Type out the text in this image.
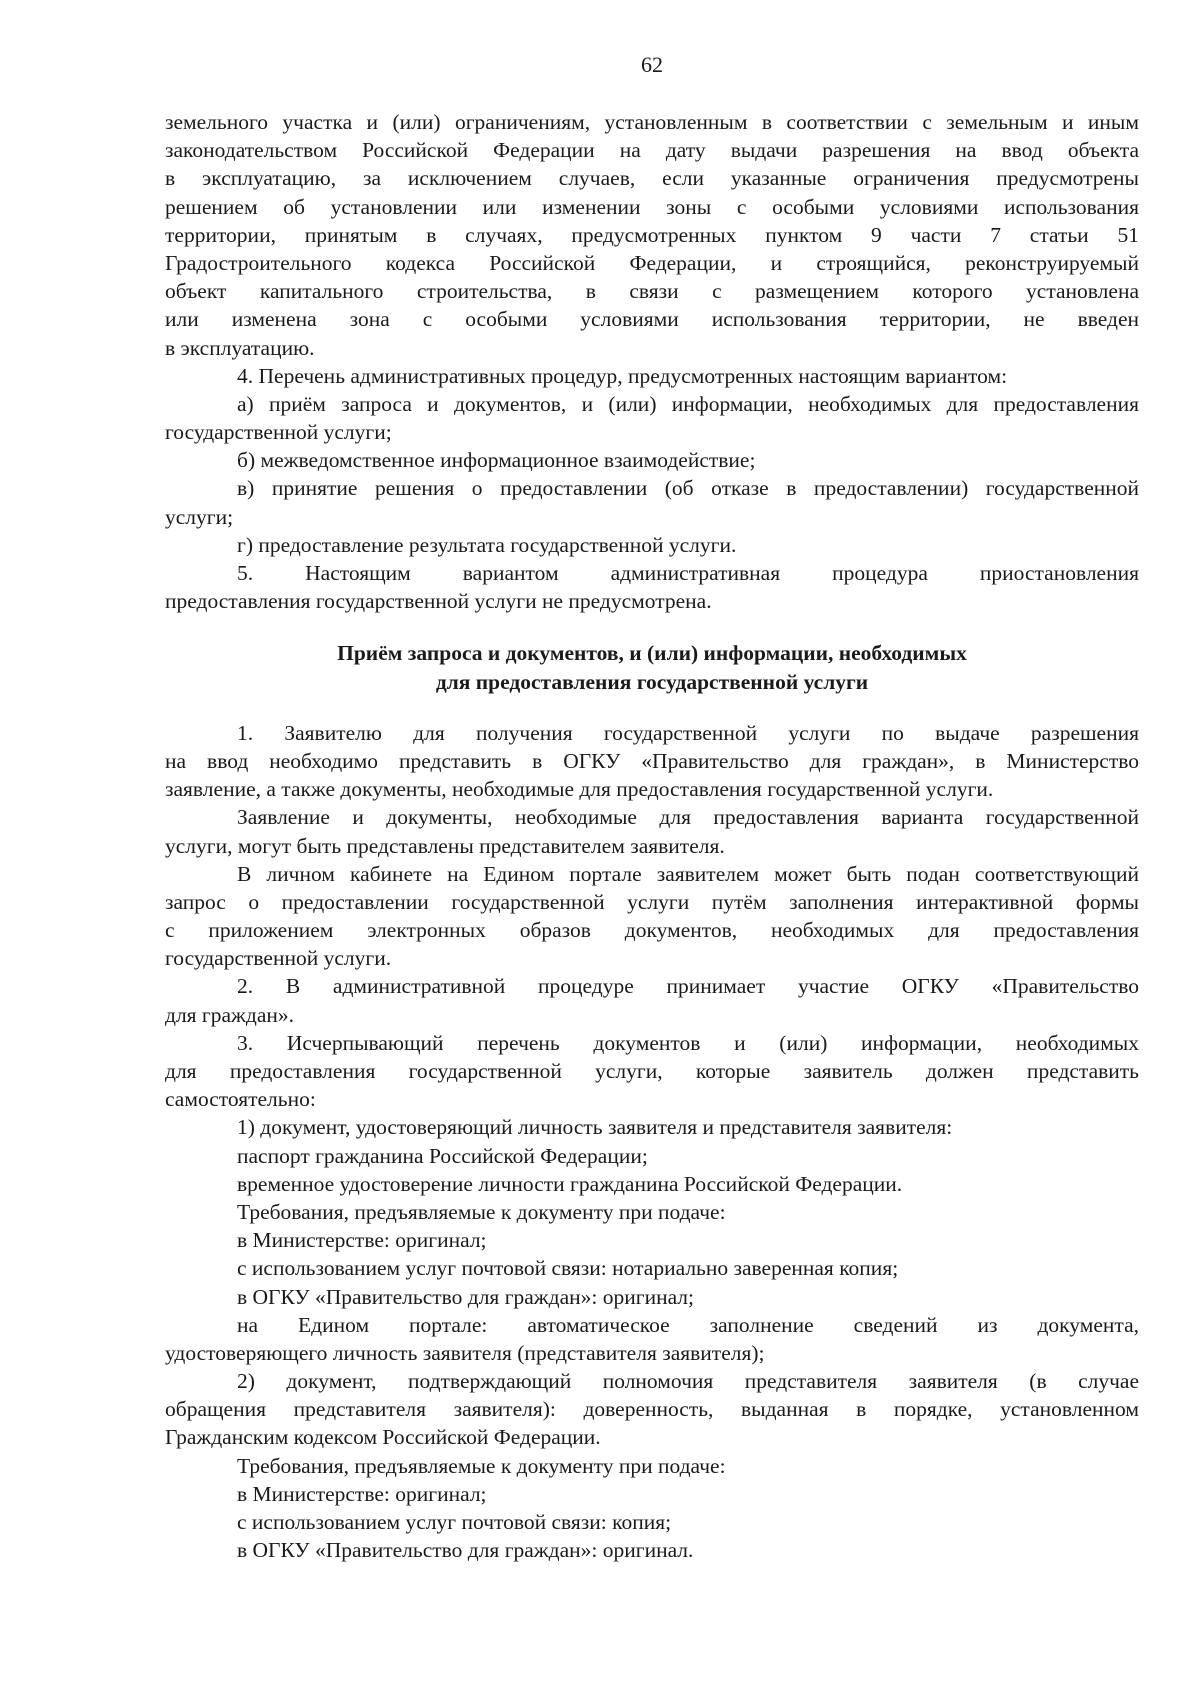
62
земельного участка и (или) ограничениям, установленным в соответствии с земельным и иным
законодательством Российской Федерации на дату выдачи разрешения на ввод объекта
в эксплуатацию, за исключением случаев, если указанные ограничения предусмотрены
решением об установлении или изменении зоны с особыми условиями использования
территории, принятым в случаях, предусмотренных пунктом 9 части 7 статьи 51
Градостроительного кодекса Российской Федерации, и строящийся, реконструируемый
объект капитального строительства, в связи с размещением которого установлена
или изменена зона с особыми условиями использования территории, не введен
в эксплуатацию.
4. Перечень административных процедур, предусмотренных настоящим вариантом:
а) приём запроса и документов, и (или) информации, необходимых для предоставления
государственной услуги;
б) межведомственное информационное взаимодействие;
в) принятие решения о предоставлении (об отказе в предоставлении) государственной
услуги;
г) предоставление результата государственной услуги.
5. Настоящим вариантом административная процедура приостановления
предоставления государственной услуги не предусмотрена.
Приём запроса и документов, и (или) информации, необходимых
для предоставления государственной услуги
1. Заявителю для получения государственной услуги по выдаче разрешения
на ввод необходимо представить в ОГКУ «Правительство для граждан», в Министерство
заявление, а также документы, необходимые для предоставления государственной услуги.
Заявление и документы, необходимые для предоставления варианта государственной
услуги, могут быть представлены представителем заявителя.
В личном кабинете на Едином портале заявителем может быть подан соответствующий
запрос о предоставлении государственной услуги путём заполнения интерактивной формы
с приложением электронных образов документов, необходимых для предоставления
государственной услуги.
2. В административной процедуре принимает участие ОГКУ «Правительство
для граждан».
3. Исчерпывающий перечень документов и (или) информации, необходимых
для предоставления государственной услуги, которые заявитель должен представить
самостоятельно:
1) документ, удостоверяющий личность заявителя и представителя заявителя:
паспорт гражданина Российской Федерации;
временное удостоверение личности гражданина Российской Федерации.
Требования, предъявляемые к документу при подаче:
в Министерстве: оригинал;
с использованием услуг почтовой связи: нотариально заверенная копия;
в ОГКУ «Правительство для граждан»: оригинал;
на Едином портале: автоматическое заполнение сведений из документа,
удостоверяющего личность заявителя (представителя заявителя);
2) документ, подтверждающий полномочия представителя заявителя (в случае
обращения представителя заявителя): доверенность, выданная в порядке, установленном
Гражданским кодексом Российской Федерации.
Требования, предъявляемые к документу при подаче:
в Министерстве: оригинал;
с использованием услуг почтовой связи: копия;
в ОГКУ «Правительство для граждан»: оригинал.
